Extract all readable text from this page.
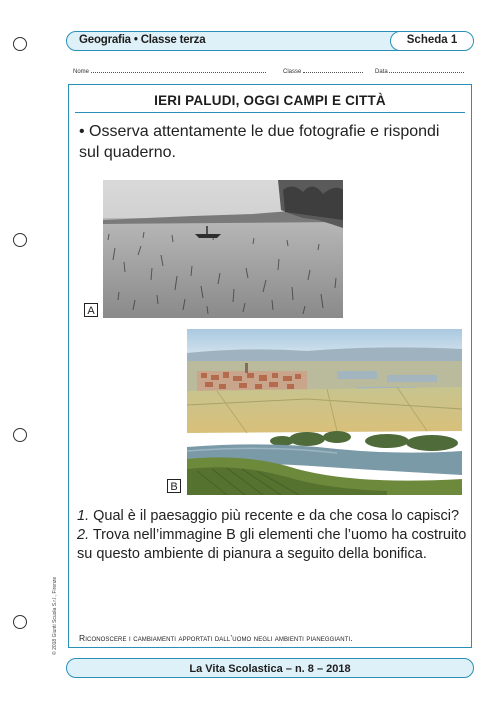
Geografia • Classe terza	Scheda 1
Nome	Classe	Data
IERI PALUDI, OGGI CAMPI E CITTÀ
• Osserva attentamente le due fotografie e rispondi sul quaderno.
A
B

1. Qual è il paesaggio più recente e da che cosa lo capisci?

2. Trova nell’immagine B gli elementi che l’uomo ha costruito su questo ambiente di pianura a seguito della bonifica.

Riconoscere i cambiamenti apportati dall’uomo negli ambienti pianeggianti.
© 2018 Giunti Scuola S.r.l., Firenze
La Vita Scolastica – n. 8 – 2018
